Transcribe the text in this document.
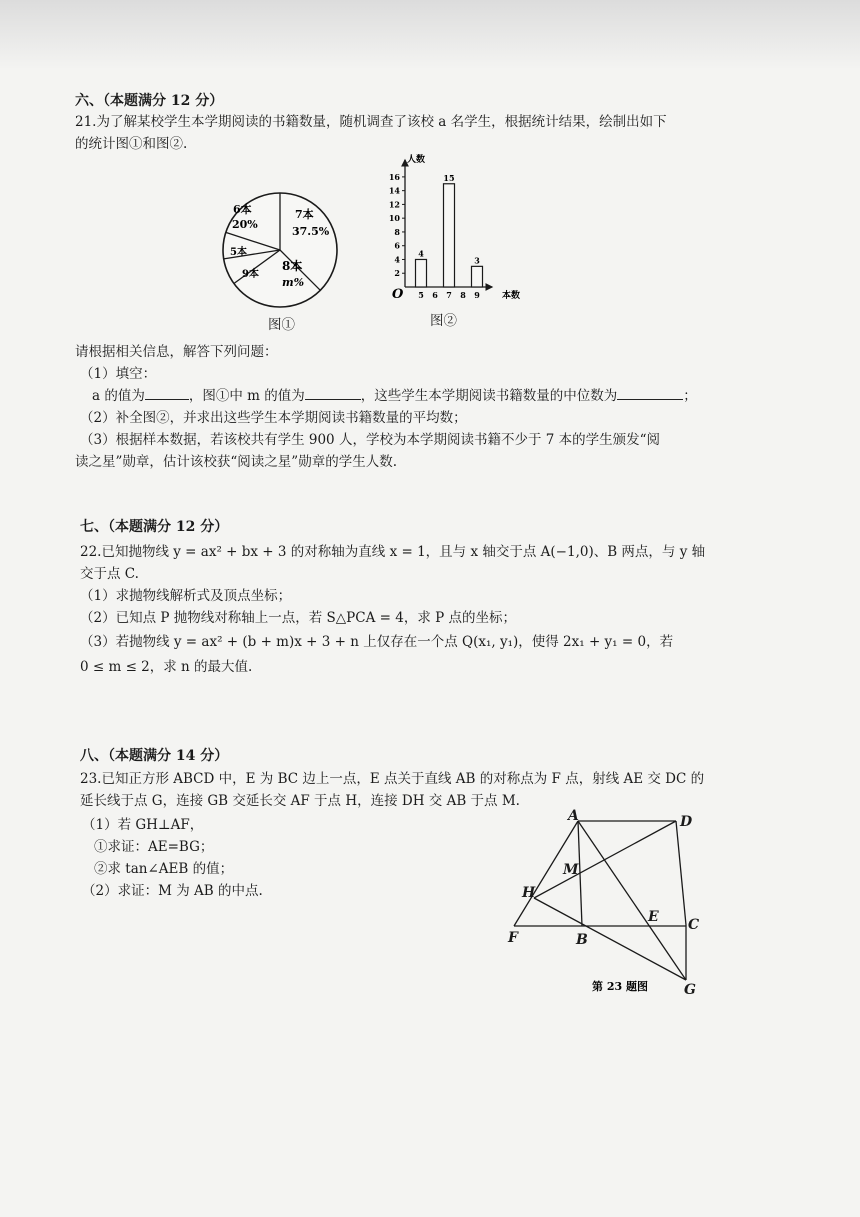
六、（本题满分 12 分）
21.为了解某校学生本学期阅读的书籍数量，随机调查了该校 a 名学生，根据统计结果，绘制出如下
的统计图①和图②.
6本
20%
7本
37.5%
5本
9本
8本
m%
图①
人数
本数
O
2
4
6
8
10
12
14
16
5 6 7 8 9
4
15
3
图②
请根据相关信息，解答下列问题：
（1）填空：
a 的值为	，图①中 m 的值为	，这些学生本学期阅读书籍数量的中位数为	；
（2）补全图②，并求出这些学生本学期阅读书籍数量的平均数；
（3）根据样本数据，若该校共有学生 900 人，学校为本学期阅读书籍不少于 7 本的学生颁发“阅
读之星”勋章，估计该校获“阅读之星”勋章的学生人数.
七、（本题满分 12 分）
22.已知抛物线 y = ax² + bx + 3 的对称轴为直线 x = 1，且与 x 轴交于点 A(−1,0)、B 两点，与 y 轴
交于点 C.
（1）求抛物线解析式及顶点坐标；
（2）已知点 P 抛物线对称轴上一点，若 S△PCA = 4，求 P 点的坐标；
（3）若抛物线 y = ax² + (b + m)x + 3 + n 上仅存在一个点 Q(x₁, y₁)，使得 2x₁ + y₁ = 0，若
0 ≤ m ≤ 2，求 n 的最大值.
八、（本题满分 14 分）
23.已知正方形 ABCD 中，E 为 BC 边上一点，E 点关于直线 AB 的对称点为 F 点，射线 AE 交 DC 的
延长线于点 G，连接 GB 交延长交 AF 于点 H，连接 DH 交 AB 于点 M.
（1）若 GH⊥AF，
①求证：AE=BG；
②求 tan∠AEB 的值；
（2）求证：M 为 AB 的中点.
A	D
M
H
E C
F	B
G
第 23 题图
